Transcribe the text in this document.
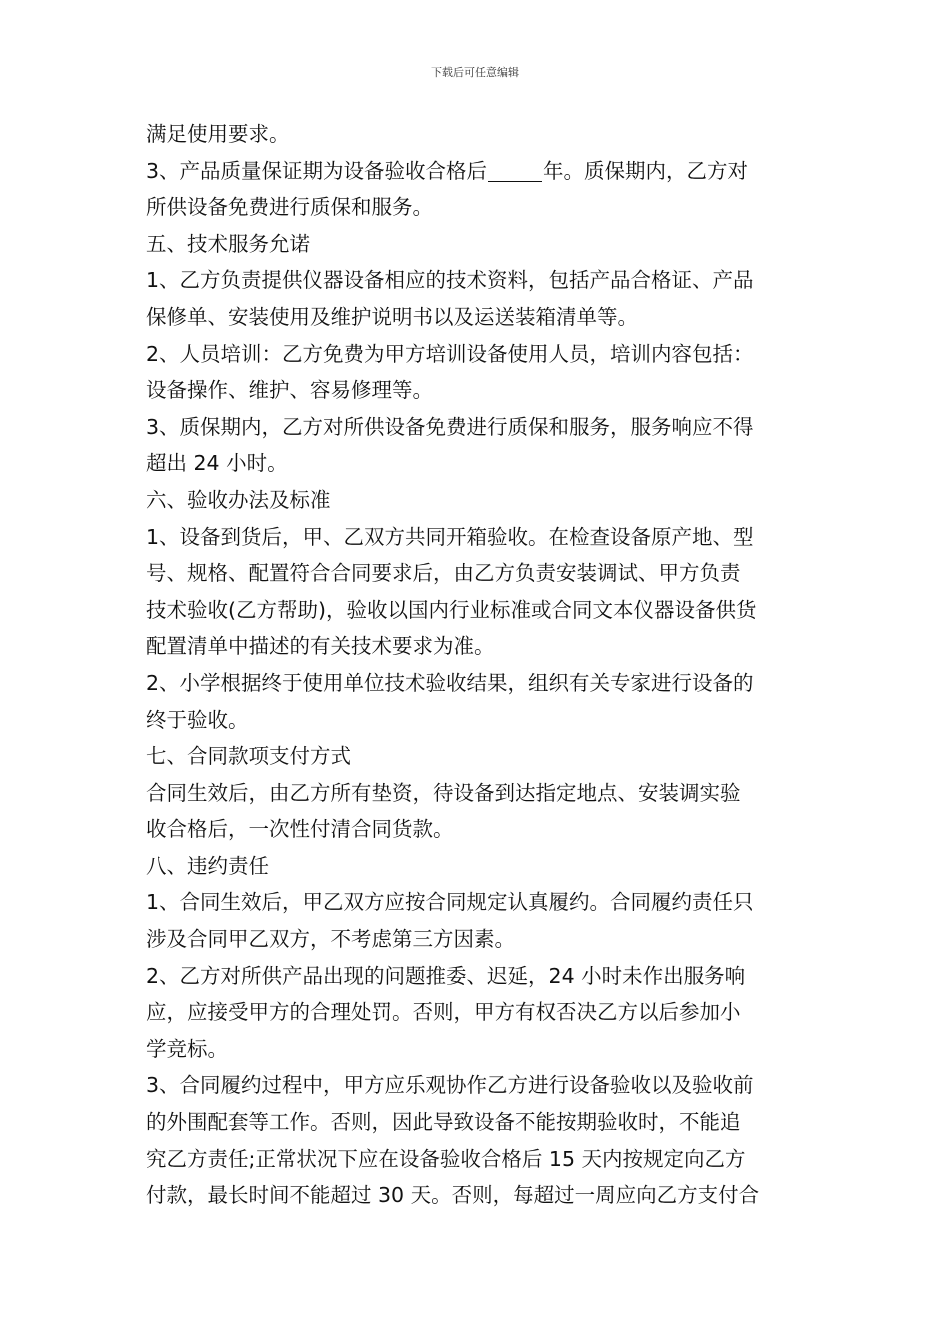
下载后可任意编辑
满足使用要求。
3、产品质量保证期为设备验收合格后	年。质保期内，乙方对
所供设备免费进行质保和服务。
五、技术服务允诺
1、乙方负责提供仪器设备相应的技术资料，包括产品合格证、产品
保修单、安装使用及维护说明书以及运送装箱清单等。
2、人员培训：乙方免费为甲方培训设备使用人员，培训内容包括：
设备操作、维护、容易修理等。
3、质保期内，乙方对所供设备免费进行质保和服务，服务响应不得
超出 24 小时。
六、验收办法及标准
1、设备到货后，甲、乙双方共同开箱验收。在检查设备原产地、型
号、规格、配置符合合同要求后，由乙方负责安装调试、甲方负责
技术验收(乙方帮助)，验收以国内行业标准或合同文本仪器设备供货
配置清单中描述的有关技术要求为准。
2、小学根据终于使用单位技术验收结果，组织有关专家进行设备的
终于验收。
七、合同款项支付方式
合同生效后，由乙方所有垫资，待设备到达指定地点、安装调实验
收合格后，一次性付清合同货款。
八、违约责任
1、合同生效后，甲乙双方应按合同规定认真履约。合同履约责任只
涉及合同甲乙双方，不考虑第三方因素。
2、乙方对所供产品出现的问题推委、迟延，24 小时未作出服务响
应，应接受甲方的合理处罚。否则，甲方有权否决乙方以后参加小
学竞标。
3、合同履约过程中，甲方应乐观协作乙方进行设备验收以及验收前
的外围配套等工作。否则，因此导致设备不能按期验收时，不能追
究乙方责任;正常状况下应在设备验收合格后 15 天内按规定向乙方
付款，最长时间不能超过 30 天。否则，每超过一周应向乙方支付合
